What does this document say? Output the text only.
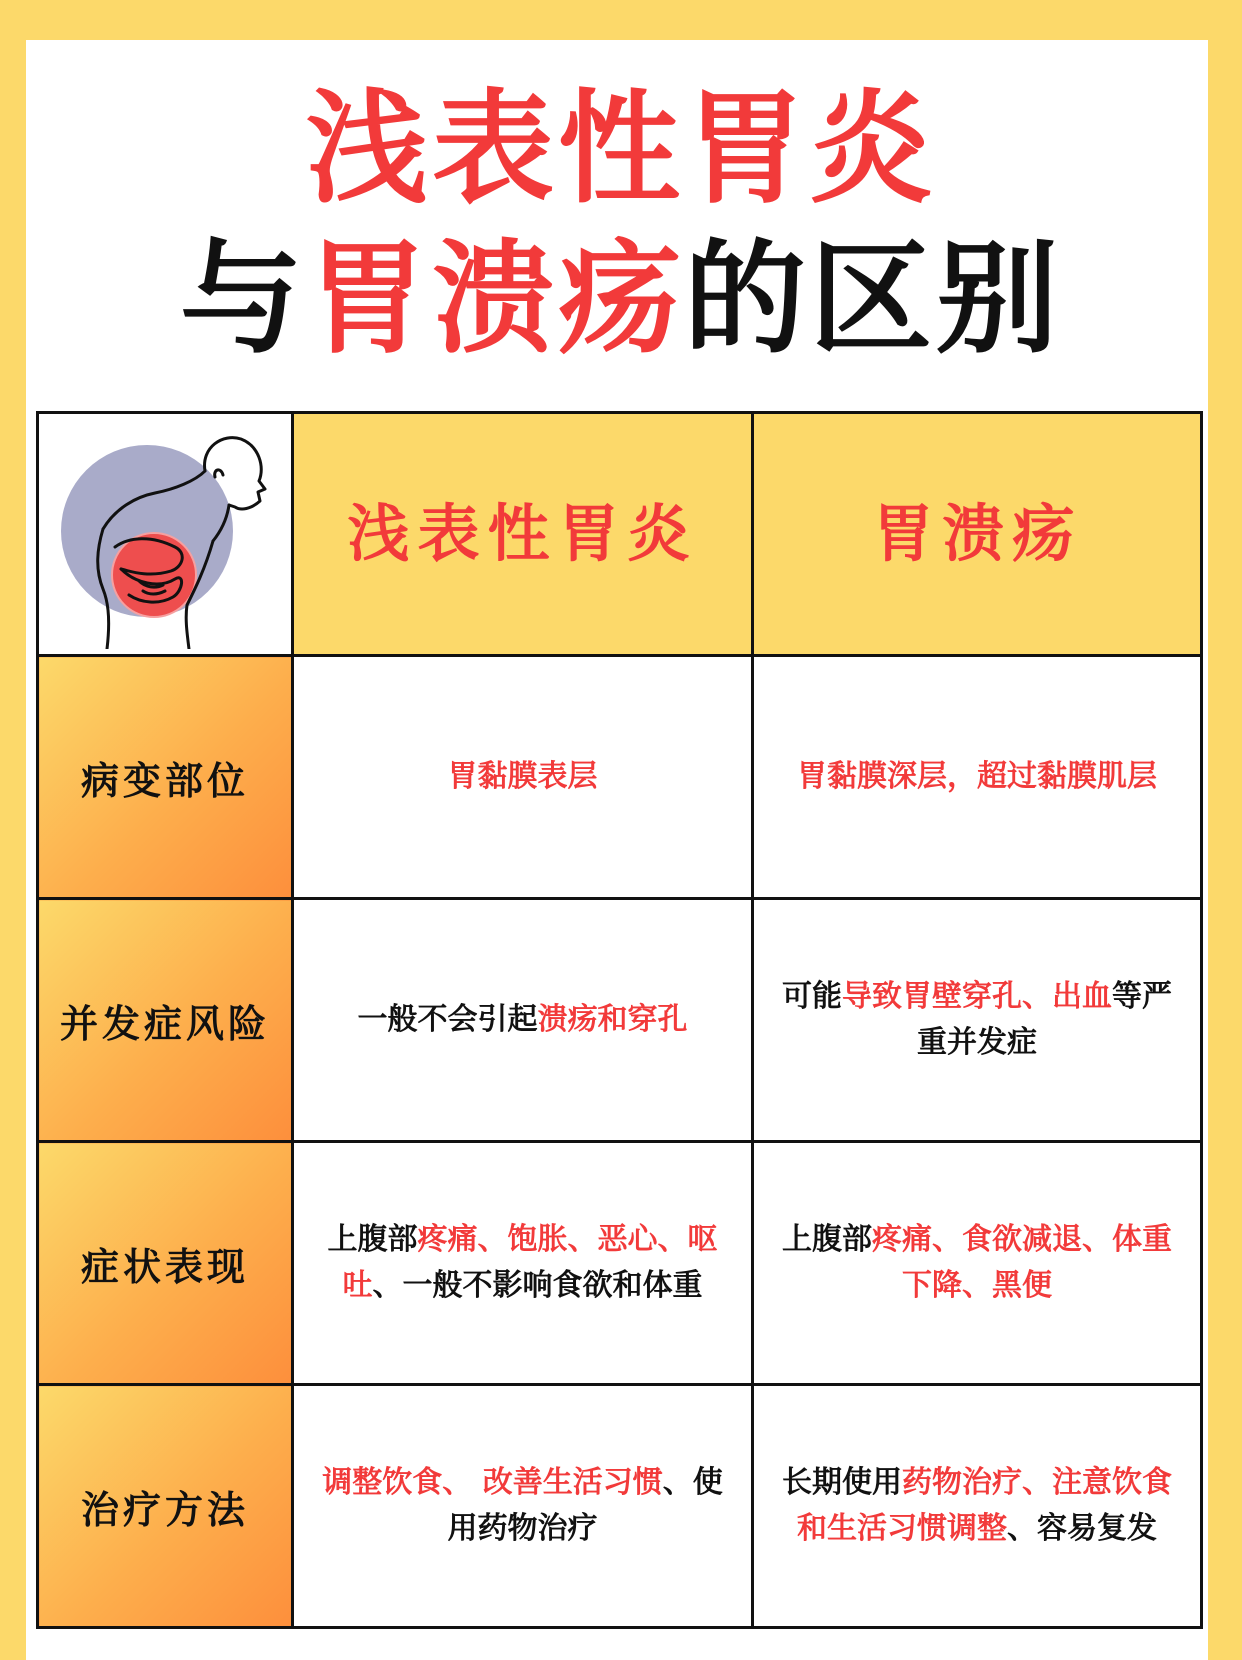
浅表性胃炎
与胃溃疡的区别
	浅表性胃炎	胃溃疡
病变部位	胃黏膜表层	胃黏膜深层，超过黏膜肌层
并发症风险	一般不会引起溃疡和穿孔	可能导致胃壁穿孔、出血等严重并发症
症状表现	上腹部疼痛、饱胀、恶心、呕吐、一般不影响食欲和体重	上腹部疼痛、食欲减退、体重下降、黑便
治疗方法	调整饮食、 改善生活习惯、使用药物治疗	长期使用药物治疗、注意饮食和生活习惯调整、容易复发
